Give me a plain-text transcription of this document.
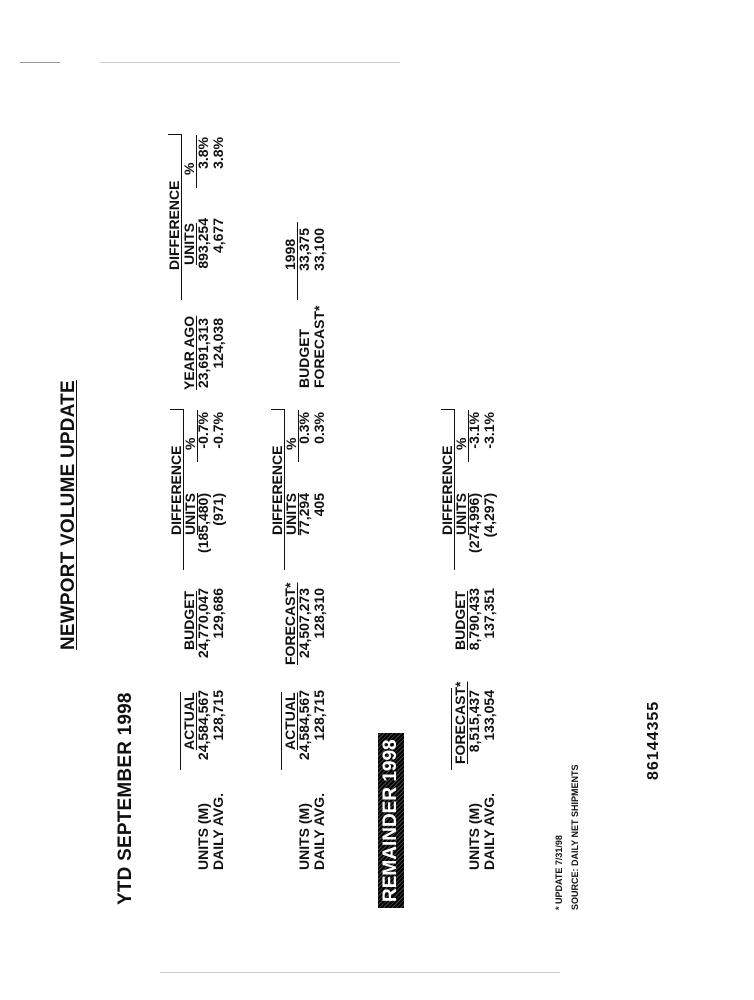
NEWPORT VOLUME UPDATE
YTD SEPTEMBER 1998	UNITS (M) DAILY AVG.
ACTUAL
24,584,567 128,715
BUDGET
24,770,047 129,686
DIFFERENCE
UNITS
%
(185,480) (971)
-0.7% -0.7%
YEAR AGO
23,691,313 124,038
DIFFERENCE UNITS
%
893,254 4,677
3.8% 3.8%
UNITS (M) DAILY AVG.
ACTUAL
24,584,567 128,715
FORECAST*
24,507,273 128,310
DIFFERENCE
UNITS
%
77,294 405
0.3% 0.3%
1998
BUDGET FORECAST*
33,375 33,100
REMAINDER 1998	UNITS (M) DAILY AVG.
FORECAST*
8,515,437 133,054
BUDGET
8,790,433 137,351
DIFFERENCE
UNITS
%
(274,996) (4,297)
-3.1% -3.1%
* UPDATE 7/31/98 SOURCE: DAILY NET SHIPMENTS
86144355
